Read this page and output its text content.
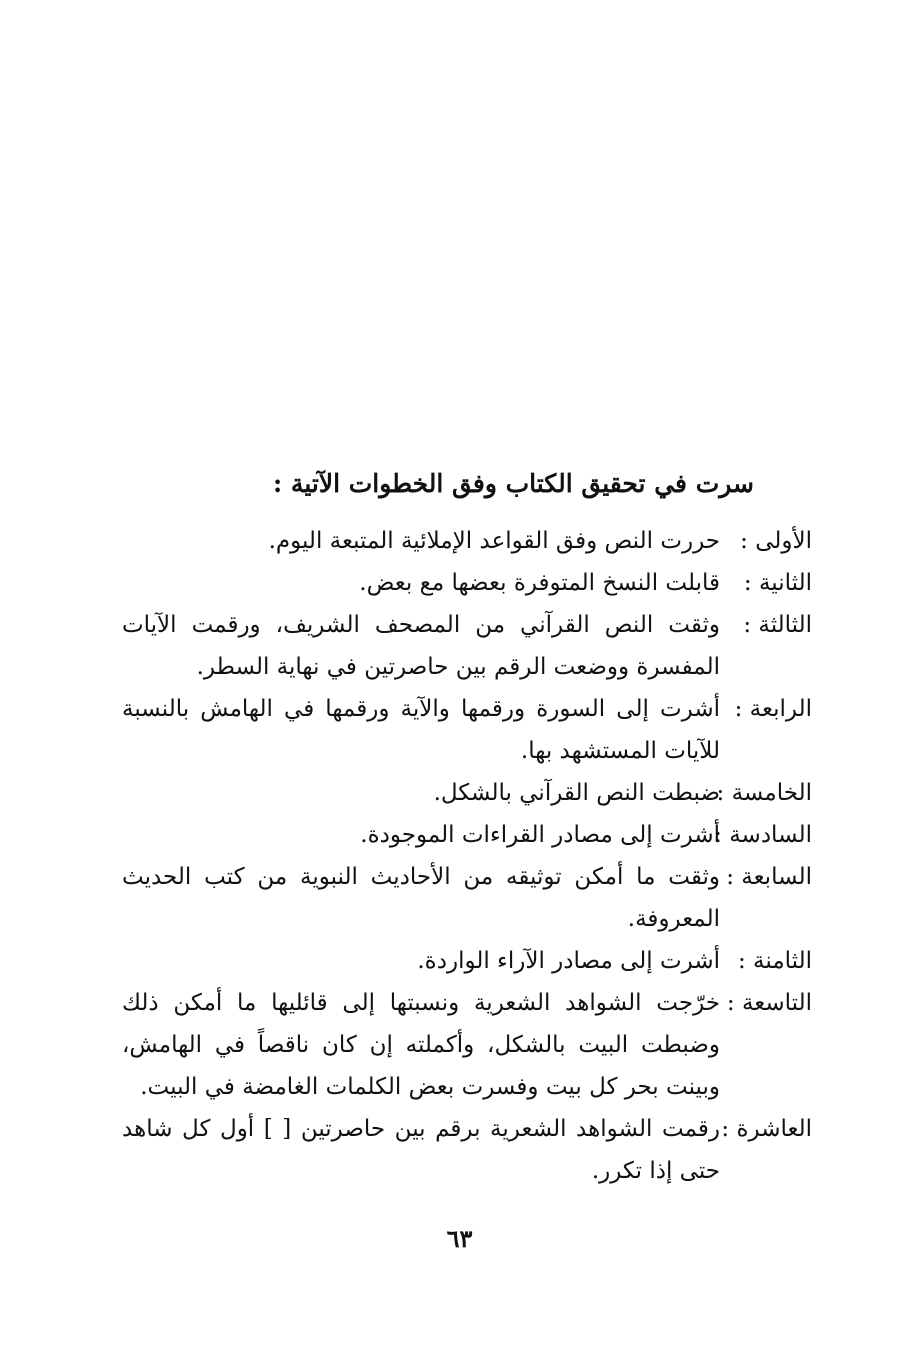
سرت في تحقيق الكتاب وفق الخطوات الآتية :
الأولى :
حررت النص وفق القواعد الإملائية المتبعة اليوم.
الثانية :
قابلت النسخ المتوفرة بعضها مع بعض.
الثالثة :
وثقت النص القرآني من المصحف الشريف، ورقمت الآيات المفسرة ووضعت الرقم بين حاصرتين في نهاية السطر.
الرابعة :
أشرت إلى السورة ورقمها والآية ورقمها في الهامش بالنسبة للآيات المستشهد بها.
الخامسة :
ضبطت النص القرآني بالشكل.
السادسة :
أشرت إلى مصادر القراءات الموجودة.
السابعة :
وثقت ما أمكن توثيقه من الأحاديث النبوية من كتب الحديث المعروفة.
الثامنة :
أشرت إلى مصادر الآراء الواردة.
التاسعة :
خرّجت الشواهد الشعرية ونسبتها إلى قائليها ما أمكن ذلك وضبطت البيت بالشكل، وأكملته إن كان ناقصاً في الهامش، وبينت بحر كل بيت وفسرت بعض الكلمات الغامضة في البيت.
العاشرة :
رقمت الشواهد الشعرية برقم بين حاصرتين [ ] أول كل شاهد حتى إذا تكرر.
٦٣
